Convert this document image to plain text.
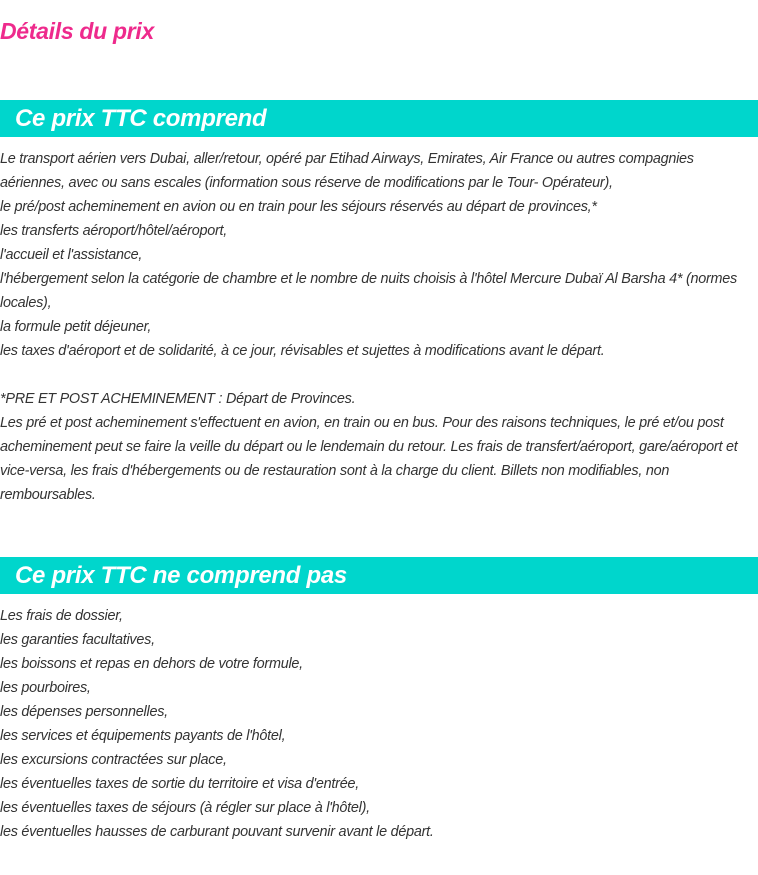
Détails du prix
Ce prix TTC comprend

Le transport aérien vers Dubai, aller/retour, opéré par Etihad Airways, Emirates, Air France ou autres compagnies aériennes, avec ou sans escales (information sous réserve de modifications par le Tour- Opérateur),

le pré/post acheminement en avion ou en train pour les séjours réservés au départ de provinces,*

les transferts aéroport/hôtel/aéroport,

l'accueil et l'assistance,

l'hébergement selon la catégorie de chambre et le nombre de nuits choisis à l'hôtel Mercure Dubaï Al Barsha 4* (normes locales),

la formule petit déjeuner,

les taxes d'aéroport et de solidarité, à ce jour, révisables et sujettes à modifications avant le départ.

*PRE ET POST ACHEMINEMENT : Départ de Provinces.

Les pré et post acheminement s'effectuent en avion, en train ou en bus. Pour des raisons techniques, le pré et/ou post acheminement peut se faire la veille du départ ou le lendemain du retour. Les frais de transfert/aéroport, gare/aéroport et vice-versa, les frais d'hébergements ou de restauration sont à la charge du client. Billets non modifiables, non remboursables.

Ce prix TTC ne comprend pas

Les frais de dossier,

les garanties facultatives,

les boissons et repas en dehors de votre formule,

les pourboires,

les dépenses personnelles,

les services et équipements payants de l'hôtel,

les excursions contractées sur place,

les éventuelles taxes de sortie du territoire et visa d'entrée,

les éventuelles taxes de séjours (à régler sur place à l'hôtel),

les éventuelles hausses de carburant pouvant survenir avant le départ.
